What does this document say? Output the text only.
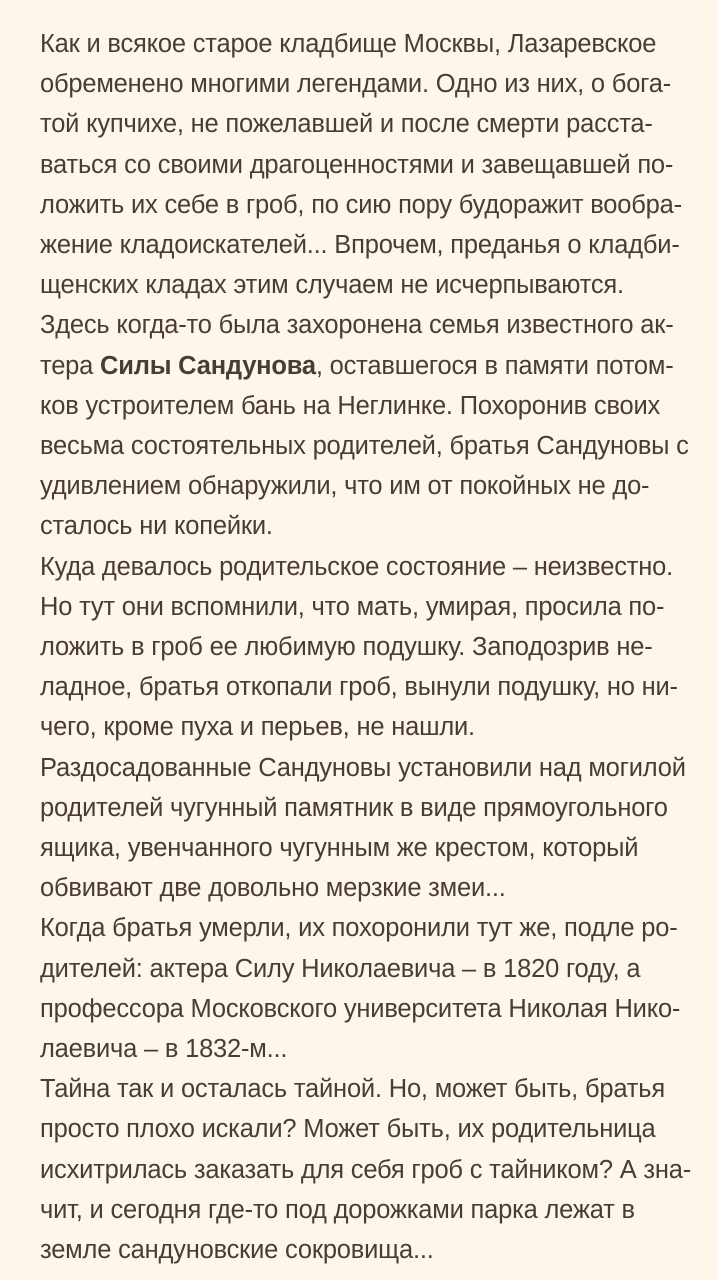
Как и всякое старое кладбище Москвы, Лазаревское
обременено многими легендами. Одно из них, о бога-
той купчихе, не пожелавшей и после смерти расста-
ваться со своими драгоценностями и завещавшей по-
ложить их себе в гроб, по сию пору будоражит вообра-
жение кладоискателей... Впрочем, преданья о кладби-
щенских кладах этим случаем не исчерпываются.

Здесь когда-то была захоронена семья известного ак-
тера Силы Сандунова, оставшегося в памяти потом-
ков устроителем бань на Неглинке. Похоронив своих
весьма состоятельных родителей, братья Сандуновы с
удивлением обнаружили, что им от покойных не до-
сталось ни копейки.

Куда девалось родительское состояние – неизвестно.
Но тут они вспомнили, что мать, умирая, просила по-
ложить в гроб ее любимую подушку. Заподозрив не-
ладное, братья откопали гроб, вынули подушку, но ни-
чего, кроме пуха и перьев, не нашли.

Раздосадованные Сандуновы установили над могилой
родителей чугунный памятник в виде прямоугольного
ящика, увенчанного чугунным же крестом, который
обвивают две довольно мерзкие змеи...

Когда братья умерли, их похоронили тут же, подле ро-
дителей: актера Силу Николаевича – в 1820 году, а
профессора Московского университета Николая Нико-
лаевича – в 1832-м...

Тайна так и осталась тайной. Но, может быть, братья
просто плохо искали? Может быть, их родительница
исхитрилась заказать для себя гроб с тайником? А зна-
чит, и сегодня где-то под дорожками парка лежат в
земле сандуновские сокровища...
